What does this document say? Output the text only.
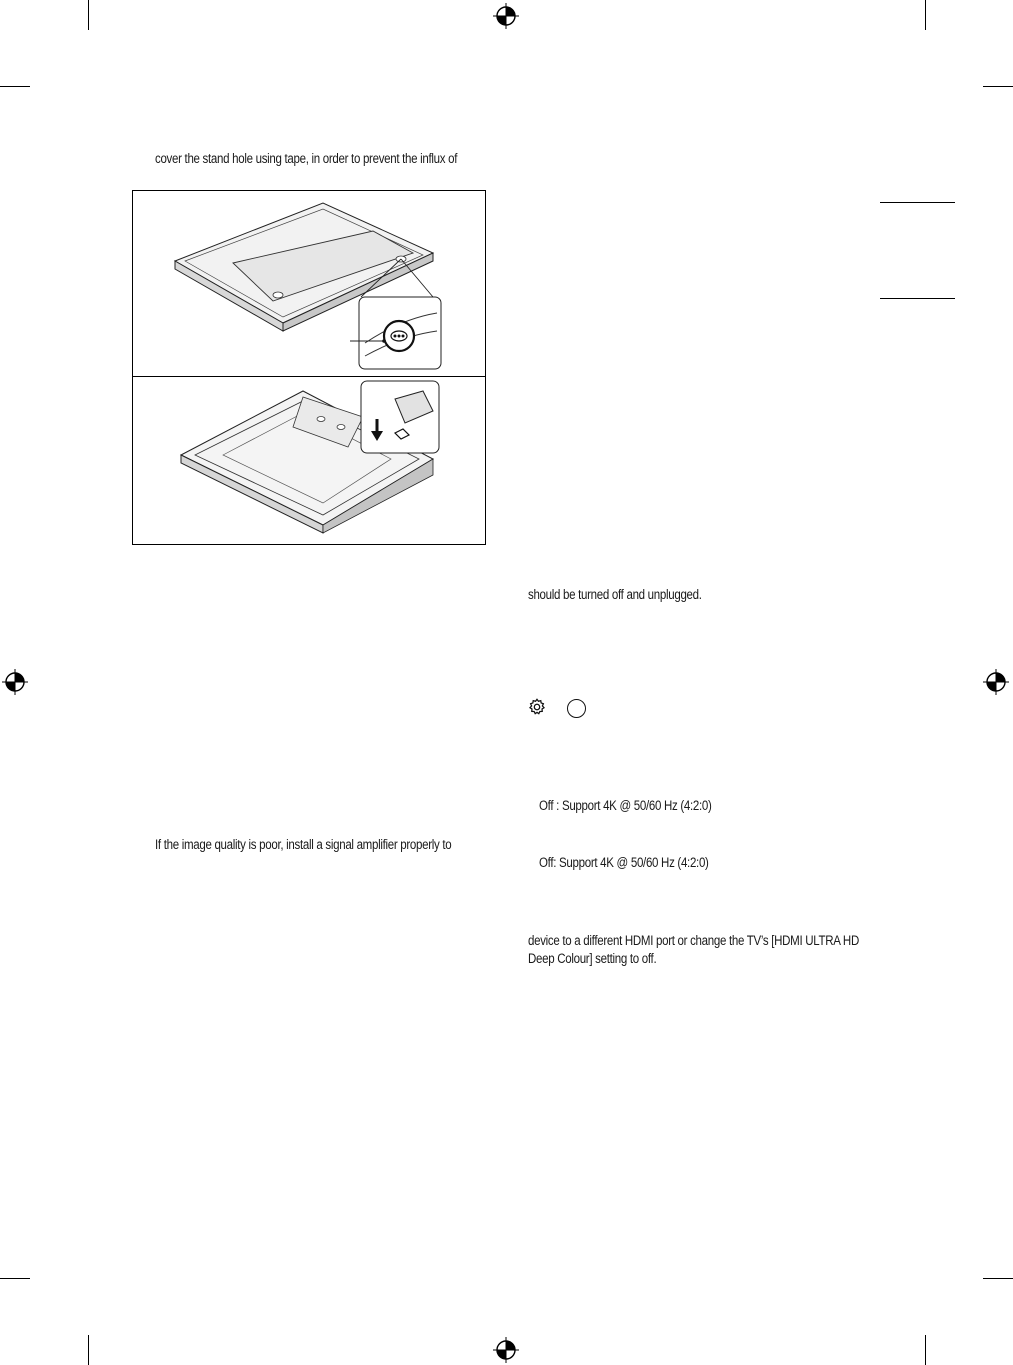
cover the stand hole using tape, in order to prevent the influx of
If the image quality is poor, install a signal amplifier properly to
should be turned off and unplugged.
Off : Support 4K @ 50/60 Hz (4:2:0)
Off: Support 4K @ 50/60 Hz (4:2:0)
device to a different HDMI port or change the TV’s [HDMI ULTRA HD
Deep Colour] setting to off.
